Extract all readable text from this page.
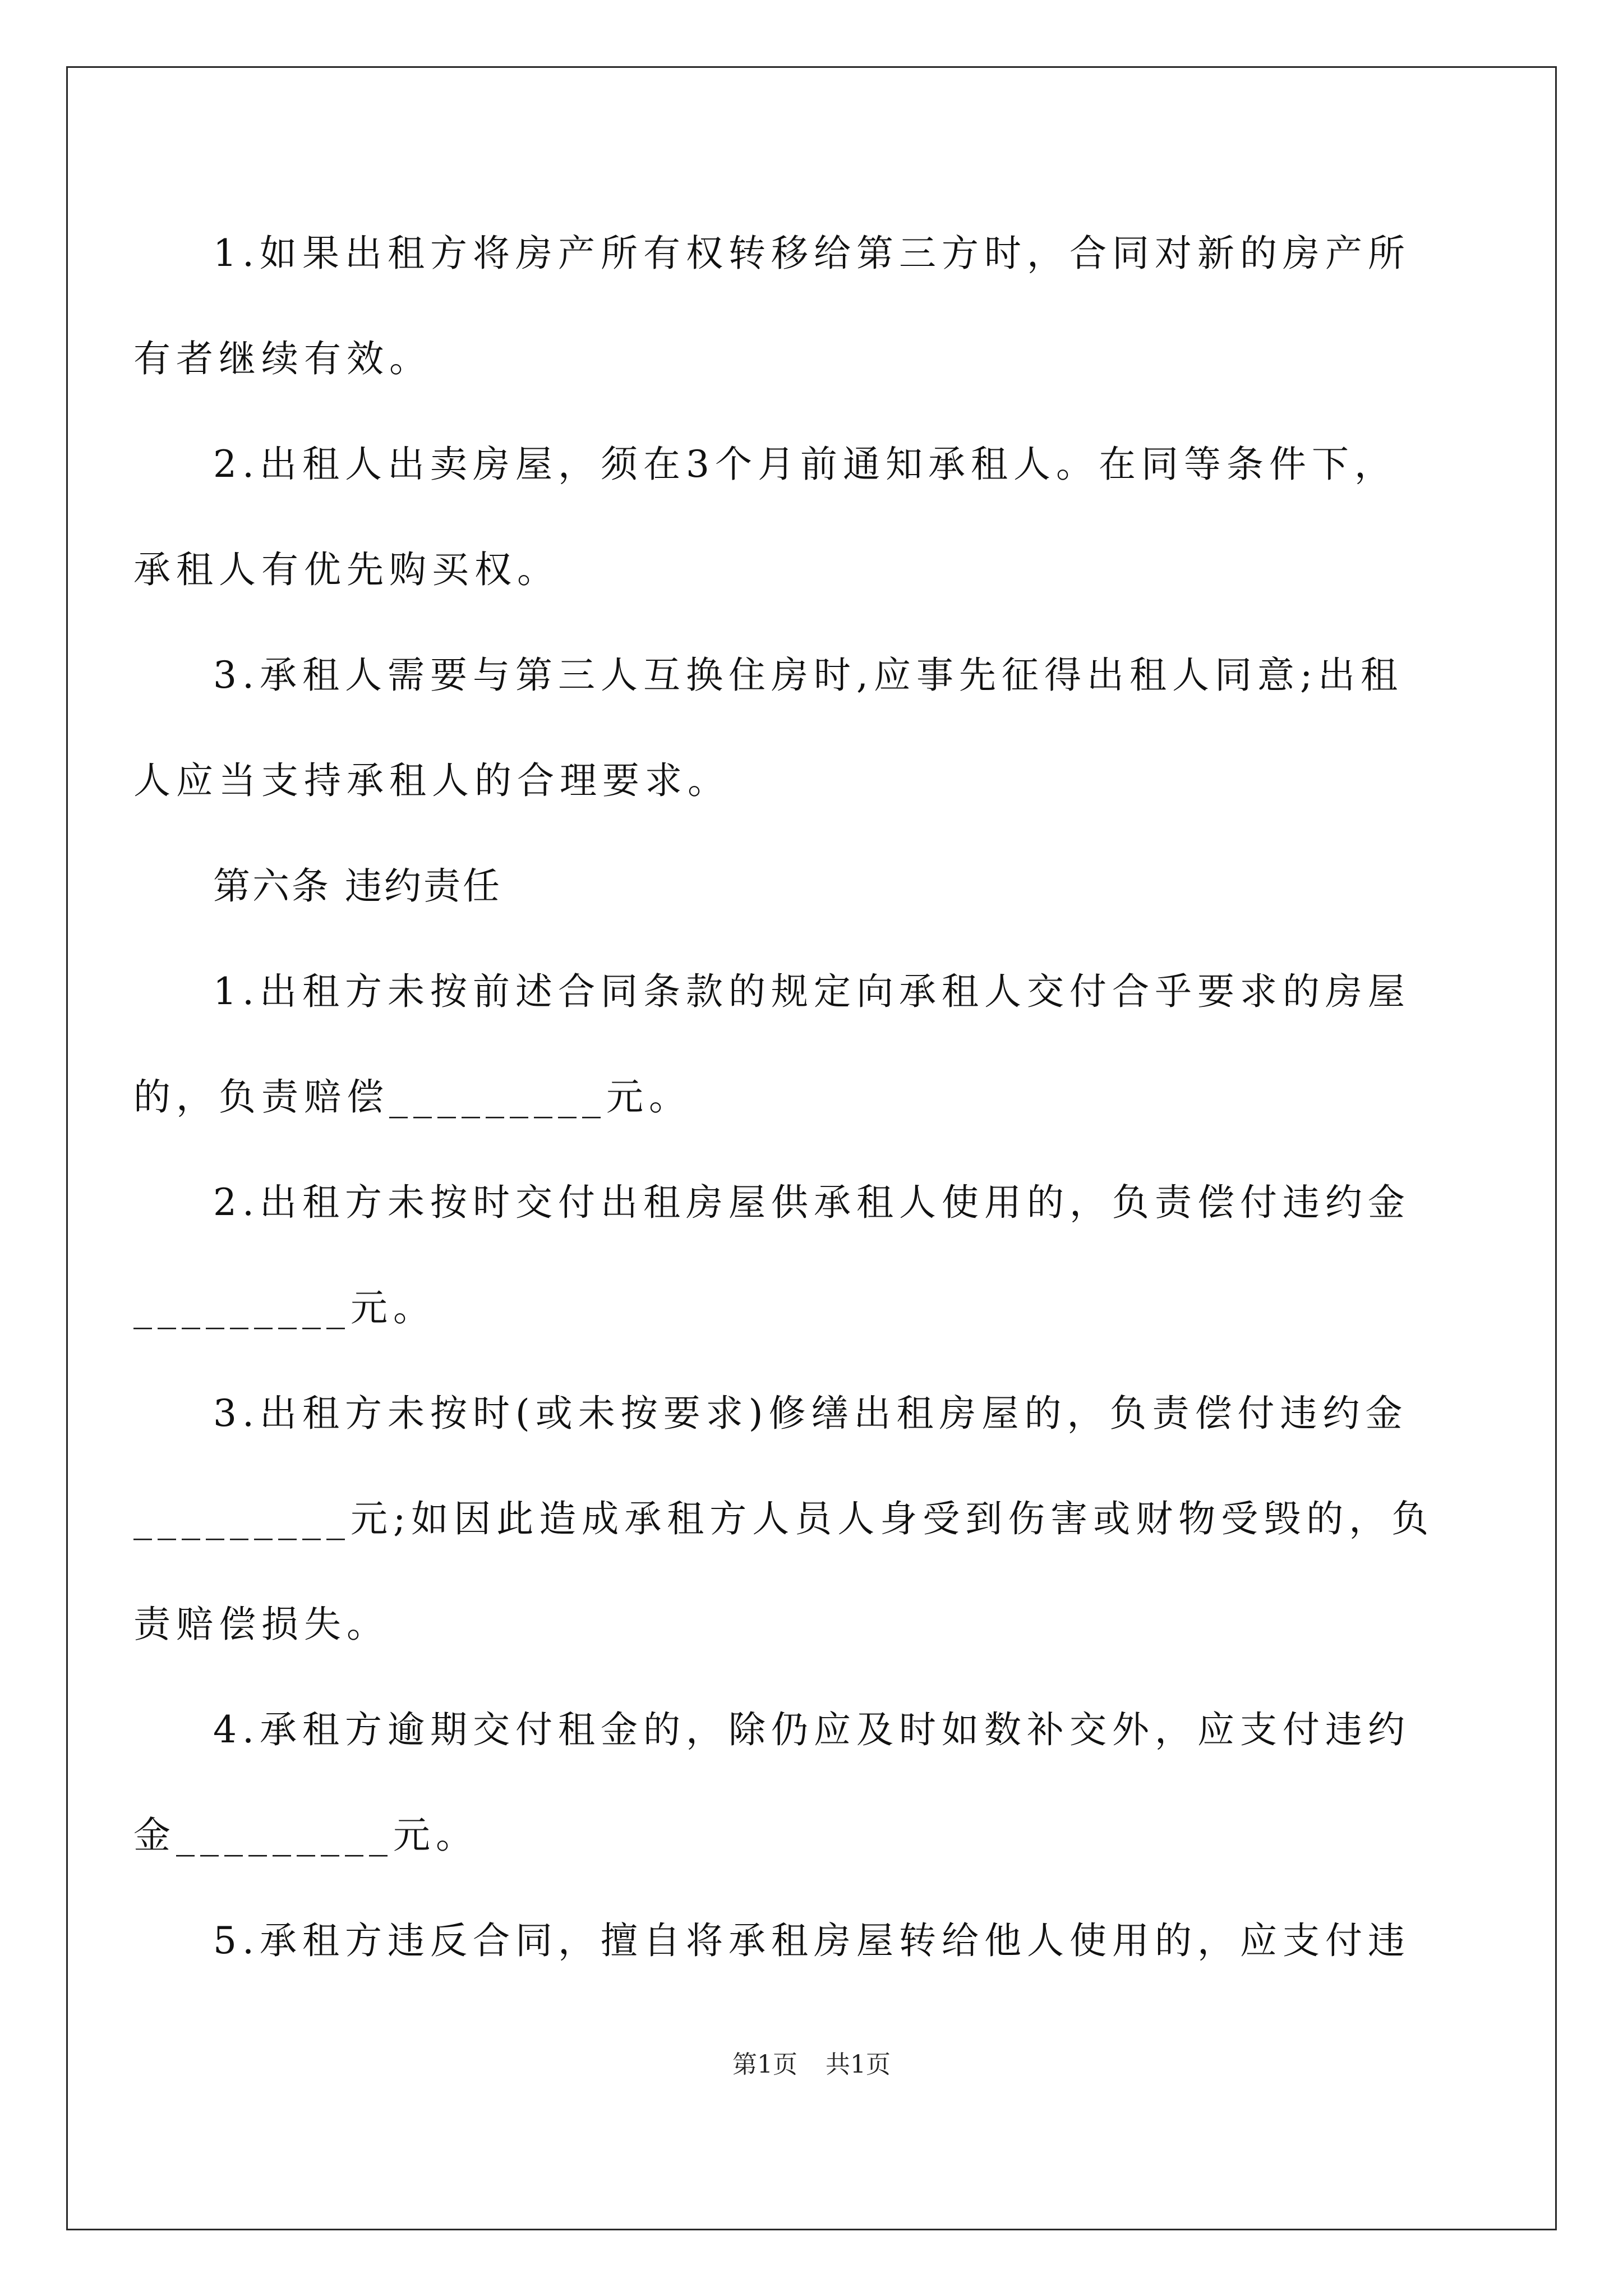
1.如果出租方将房产所有权转移给第三方时，合同对新的房产所
有者继续有效。
2.出租人出卖房屋，须在3个月前通知承租人。在同等条件下，
承租人有优先购买权。
3.承租人需要与第三人互换住房时,应事先征得出租人同意;出租
人应当支持承租人的合理要求。
第六条 违约责任
1.出租方未按前述合同条款的规定向承租人交付合乎要求的房屋
的，负责赔偿_________元。
2.出租方未按时交付出租房屋供承租人使用的，负责偿付违约金
_________元。
3.出租方未按时(或未按要求)修缮出租房屋的，负责偿付违约金
_________元;如因此造成承租方人员人身受到伤害或财物受毁的，负
责赔偿损失。
4.承租方逾期交付租金的，除仍应及时如数补交外，应支付违约
金_________元。
5.承租方违反合同，擅自将承租房屋转给他人使用的，应支付违
第1页 共1页
